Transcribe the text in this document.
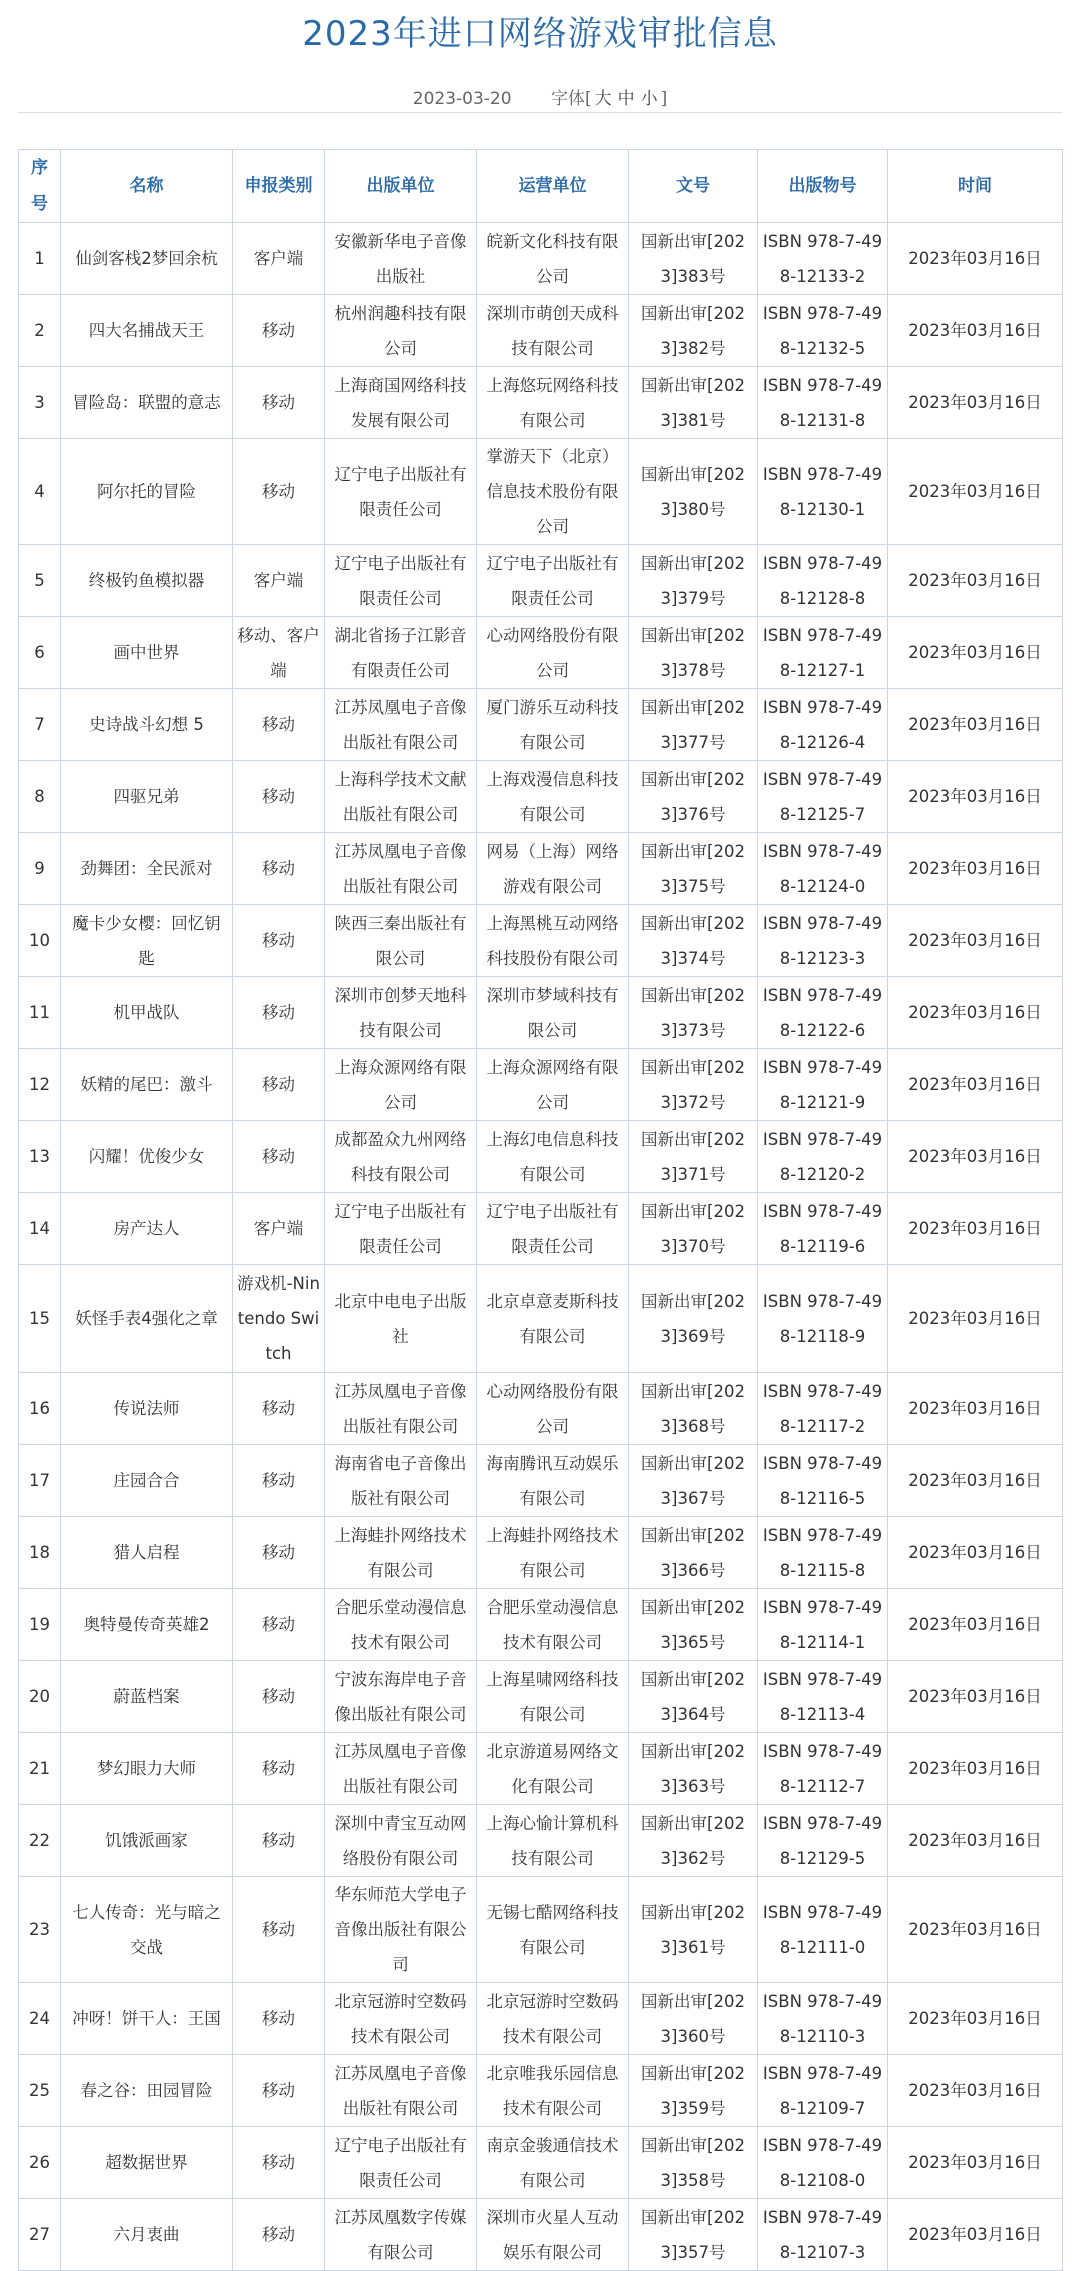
2023年进口网络游戏审批信息
2023-03-20 字体[ 大 中 小 ]
序号	名称	申报类别	出版单位	运营单位	文号	出版物号	时间
1	仙剑客栈2梦回余杭	客户端	安徽新华电子音像出版社	皖新文化科技有限公司	国新出审[2023]383号	ISBN 978-7-498-12133-2	2023年03月16日
2	四大名捕战天王	移动	杭州润趣科技有限公司	深圳市萌创天成科技有限公司	国新出审[2023]382号	ISBN 978-7-498-12132-5	2023年03月16日
3	冒险岛：联盟的意志	移动	上海商国网络科技发展有限公司	上海悠玩网络科技有限公司	国新出审[2023]381号	ISBN 978-7-498-12131-8	2023年03月16日
4	阿尔托的冒险	移动	辽宁电子出版社有限责任公司	掌游天下（北京）信息技术股份有限公司	国新出审[2023]380号	ISBN 978-7-498-12130-1	2023年03月16日
5	终极钓鱼模拟器	客户端	辽宁电子出版社有限责任公司	辽宁电子出版社有限责任公司	国新出审[2023]379号	ISBN 978-7-498-12128-8	2023年03月16日
6	画中世界	移动、客户端	湖北省扬子江影音有限责任公司	心动网络股份有限公司	国新出审[2023]378号	ISBN 978-7-498-12127-1	2023年03月16日
7	史诗战斗幻想 5	移动	江苏凤凰电子音像出版社有限公司	厦门游乐互动科技有限公司	国新出审[2023]377号	ISBN 978-7-498-12126-4	2023年03月16日
8	四驱兄弟	移动	上海科学技术文献出版社有限公司	上海戏漫信息科技有限公司	国新出审[2023]376号	ISBN 978-7-498-12125-7	2023年03月16日
9	劲舞团：全民派对	移动	江苏凤凰电子音像出版社有限公司	网易（上海）网络游戏有限公司	国新出审[2023]375号	ISBN 978-7-498-12124-0	2023年03月16日
10	魔卡少女樱：回忆钥匙	移动	陕西三秦出版社有限公司	上海黑桃互动网络科技股份有限公司	国新出审[2023]374号	ISBN 978-7-498-12123-3	2023年03月16日
11	机甲战队	移动	深圳市创梦天地科技有限公司	深圳市梦域科技有限公司	国新出审[2023]373号	ISBN 978-7-498-12122-6	2023年03月16日
12	妖精的尾巴：激斗	移动	上海众源网络有限公司	上海众源网络有限公司	国新出审[2023]372号	ISBN 978-7-498-12121-9	2023年03月16日
13	闪耀！优俊少女	移动	成都盈众九州网络科技有限公司	上海幻电信息科技有限公司	国新出审[2023]371号	ISBN 978-7-498-12120-2	2023年03月16日
14	房产达人	客户端	辽宁电子出版社有限责任公司	辽宁电子出版社有限责任公司	国新出审[2023]370号	ISBN 978-7-498-12119-6	2023年03月16日
15	妖怪手表4强化之章	游戏机-Nintendo Switch	北京中电电子出版社	北京卓意麦斯科技有限公司	国新出审[2023]369号	ISBN 978-7-498-12118-9	2023年03月16日
16	传说法师	移动	江苏凤凰电子音像出版社有限公司	心动网络股份有限公司	国新出审[2023]368号	ISBN 978-7-498-12117-2	2023年03月16日
17	庄园合合	移动	海南省电子音像出版社有限公司	海南腾讯互动娱乐有限公司	国新出审[2023]367号	ISBN 978-7-498-12116-5	2023年03月16日
18	猎人启程	移动	上海蛙扑网络技术有限公司	上海蛙扑网络技术有限公司	国新出审[2023]366号	ISBN 978-7-498-12115-8	2023年03月16日
19	奥特曼传奇英雄2	移动	合肥乐堂动漫信息技术有限公司	合肥乐堂动漫信息技术有限公司	国新出审[2023]365号	ISBN 978-7-498-12114-1	2023年03月16日
20	蔚蓝档案	移动	宁波东海岸电子音像出版社有限公司	上海星啸网络科技有限公司	国新出审[2023]364号	ISBN 978-7-498-12113-4	2023年03月16日
21	梦幻眼力大师	移动	江苏凤凰电子音像出版社有限公司	北京游道易网络文化有限公司	国新出审[2023]363号	ISBN 978-7-498-12112-7	2023年03月16日
22	饥饿派画家	移动	深圳中青宝互动网络股份有限公司	上海心愉计算机科技有限公司	国新出审[2023]362号	ISBN 978-7-498-12129-5	2023年03月16日
23	七人传奇：光与暗之交战	移动	华东师范大学电子音像出版社有限公司	无锡七酷网络科技有限公司	国新出审[2023]361号	ISBN 978-7-498-12111-0	2023年03月16日
24	冲呀！饼干人：王国	移动	北京冠游时空数码技术有限公司	北京冠游时空数码技术有限公司	国新出审[2023]360号	ISBN 978-7-498-12110-3	2023年03月16日
25	春之谷：田园冒险	移动	江苏凤凰电子音像出版社有限公司	北京唯我乐园信息技术有限公司	国新出审[2023]359号	ISBN 978-7-498-12109-7	2023年03月16日
26	超数据世界	移动	辽宁电子出版社有限责任公司	南京金骏通信技术有限公司	国新出审[2023]358号	ISBN 978-7-498-12108-0	2023年03月16日
27	六月衷曲	移动	江苏凤凰数字传媒有限公司	深圳市火星人互动娱乐有限公司	国新出审[2023]357号	ISBN 978-7-498-12107-3	2023年03月16日
